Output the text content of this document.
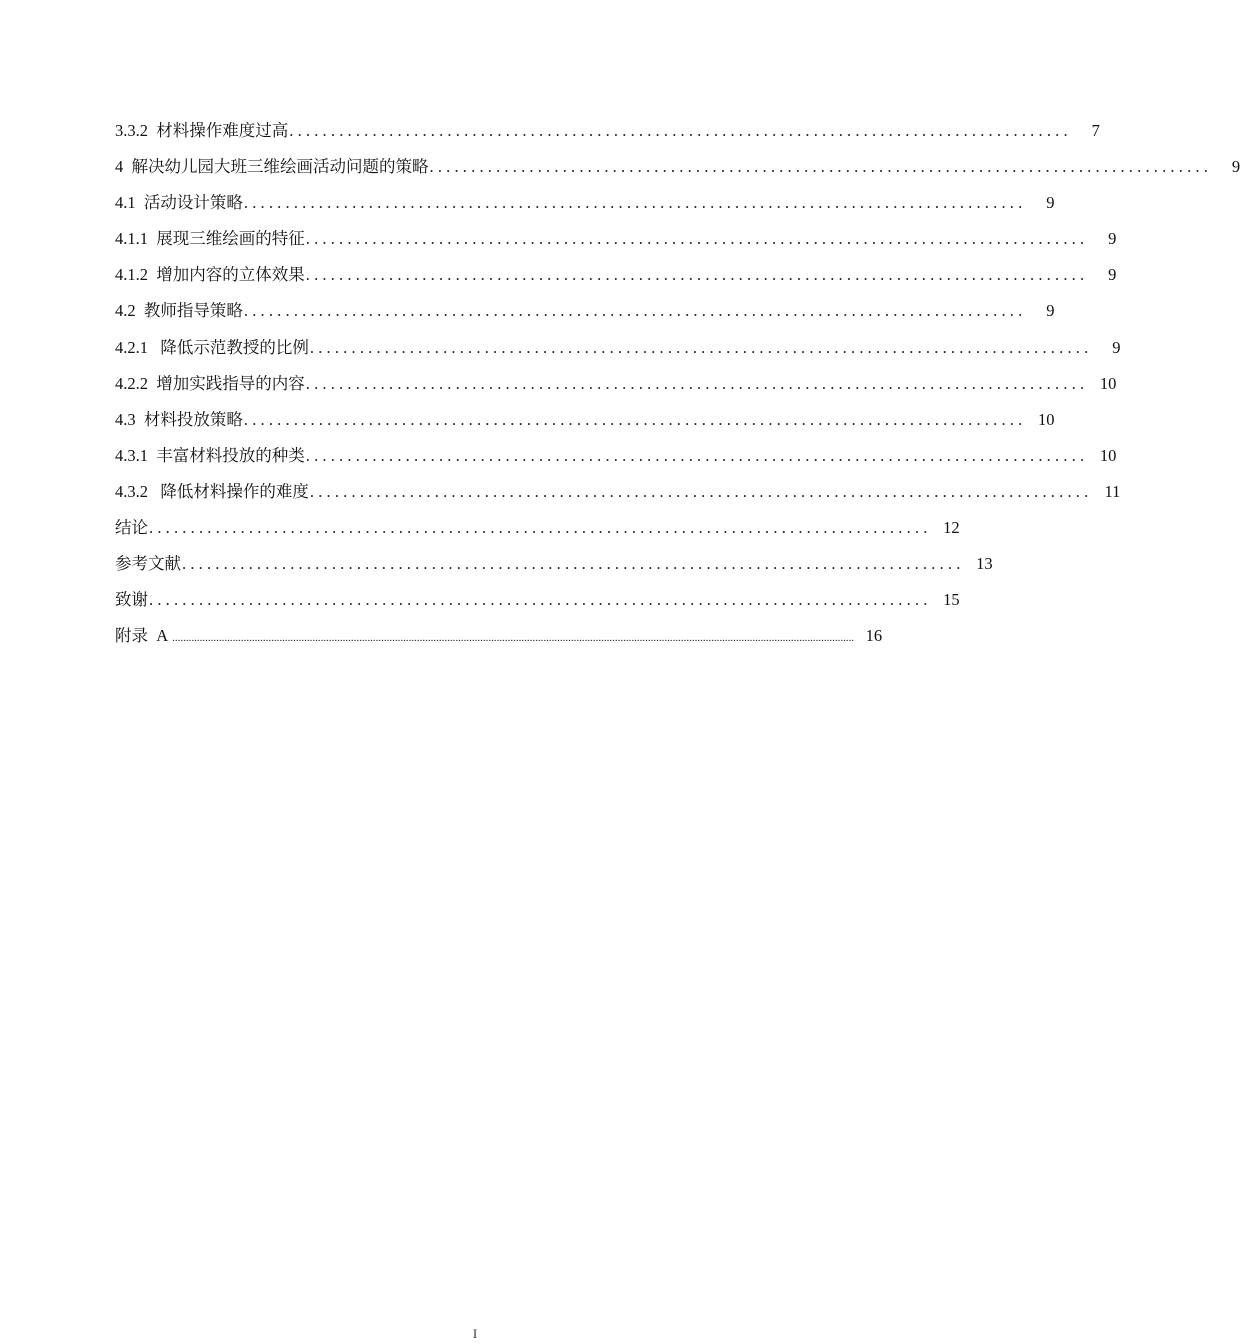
3.3.2  材料操作难度过高 ..............................................................................................	7
4  解决幼儿园大班三维绘画活动问题的策略 ..............................................................................................	9
4.1  活动设计策略 ..............................................................................................	9
4.1.1  展现三维绘画的特征 ..............................................................................................	9
4.1.2  增加内容的立体效果 ..............................................................................................	9
4.2  教师指导策略 ..............................................................................................	9
4.2.1   降低示范教授的比例 ..............................................................................................	9
4.2.2  增加实践指导的内容 .............................................................................................. 10
4.3  材料投放策略 .............................................................................................. 10
4.3.1  丰富材料投放的种类 .............................................................................................. 10
4.3.2   降低材料操作的难度 .............................................................................................. 11
结论 .............................................................................................. 12
参考文献 .............................................................................................. 13
致谢 .............................................................................................. 15
附录  A ........................................................................................................................................................................................................................................................ 16
I
